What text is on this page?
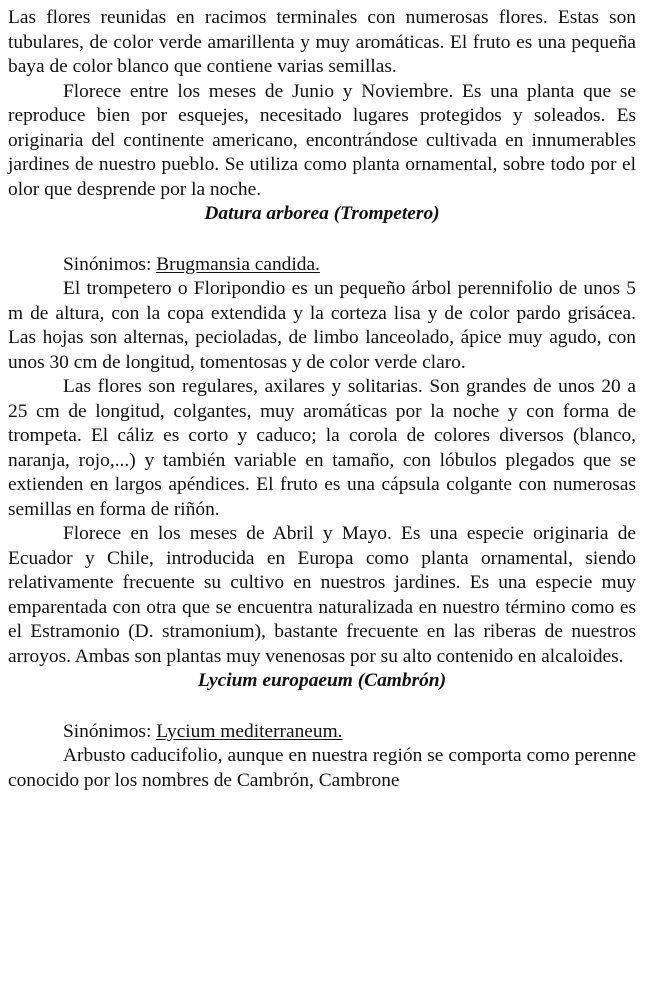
Las flores reunidas en racimos terminales con numerosas flores. Estas son tubulares, de color verde amarillenta y muy aromáticas. El fruto es una pequeña baya de color blanco que contiene varias semillas.

Florece entre los meses de Junio y Noviembre. Es una planta que se reproduce bien por esquejes, necesitado lugares protegidos y soleados. Es originaria del continente americano, encontrándose cultivada en innumerables jardines de nuestro pueblo. Se utiliza como planta ornamental, sobre todo por el olor que desprende por la noche.

Datura arborea (Trompetero)

Sinónimos: Brugmansia candida.

El trompetero o Floripondio es un pequeño árbol perennifolio de unos 5 m de altura, con la copa extendida y la corteza lisa y de color pardo grisácea. Las hojas son alternas, pecioladas, de limbo lanceolado, ápice muy agudo, con unos 30 cm de longitud, tomentosas y de color verde claro.

Las flores son regulares, axilares y solitarias. Son grandes de unos 20 a 25 cm de longitud, colgantes, muy aromáticas por la noche y con forma de trompeta. El cáliz es corto y caduco; la corola de colores diversos (blanco, naranja, rojo,...) y también variable en tamaño, con lóbulos plegados que se extienden en largos apéndices. El fruto es una cápsula colgante con numerosas semillas en forma de riñón.

Florece en los meses de Abril y Mayo. Es una especie originaria de Ecuador y Chile, introducida en Europa como planta ornamental, siendo relativamente frecuente su cultivo en nuestros jardines. Es una especie muy emparentada con otra que se encuentra naturalizada en nuestro término como es el Estramonio (D. stramonium), bastante frecuente en las riberas de nuestros arroyos. Ambas son plantas muy venenosas por su alto contenido en alcaloides.

Lycium europaeum (Cambrón)

Sinónimos: Lycium mediterraneum.

Arbusto caducifolio, aunque en nuestra región se comporta como perenne conocido por los nombres de Cambrón, Cambrone
